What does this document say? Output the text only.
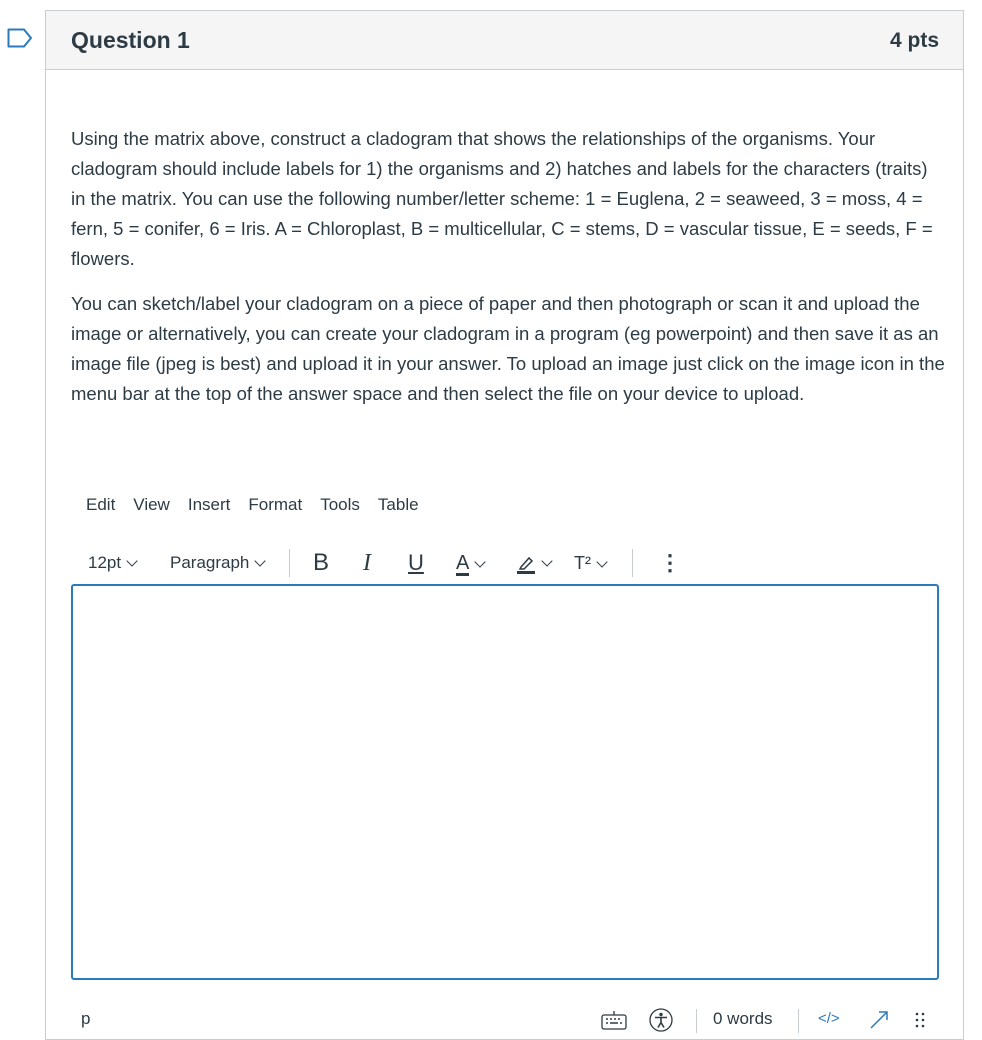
Question 1	4 pts

Using the matrix above, construct a cladogram that shows the relationships of the organisms. Your cladogram should include labels for 1) the organisms and 2) hatches and labels for the characters (traits) in the matrix. You can use the following number/letter scheme: 1 = Euglena, 2 = seaweed, 3 = moss, 4 = fern, 5 = conifer, 6 = Iris. A = Chloroplast, B = multicellular, C = stems, D = vascular tissue, E = seeds, F = flowers.

You can sketch/label your cladogram on a piece of paper and then photograph or scan it and upload the image or alternatively, you can create your cladogram in a program (eg powerpoint) and then save it as an image file (jpeg is best) and upload it in your answer. To upload an image just click on the image icon in the menu bar at the top of the answer space and then select the file on your device to upload.

Edit View Insert Format Tools Table
12pt	Paragraph	B I U A	T²	⋮
p	0 words	</>
